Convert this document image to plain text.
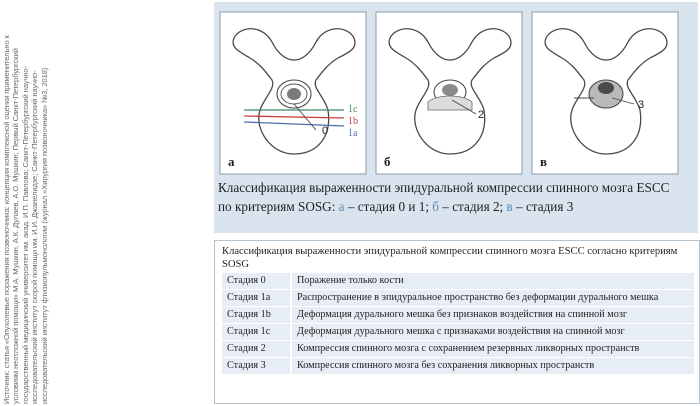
Источник: статья «Опухолевые поражения позвоночника: концепция комплексной оценки применительно к условиям неотложной помощи» М.А. Мушкин, А.К. Дулаев, А.О. Мушкин; Первый Санкт-Петербургский государственный медицинский университет им. акад. И.П. Павлова; Санкт-Петербургский научно-исследовательский институт скорой помощи им. И.И. Джанелидзе; Санкт-Петербургский научно-исследовательский институт фтизиопульмонологии (журнал «Хирургия позвоночника» №3, 2018)	0
1c
1b
1a
а
2
б
3
в
Классификация выраженности эпидуральной компрессии спинного мозга ESCC
по критериям SOSG: а – стадия 0 и 1; б – стадия 2; в – стадия 3
Классификация выраженности эпидуральной компрессии спинного мозга ESCC согласно критериям SOSG
Стадия 0	Поражение только кости
Стадия 1a	Распространение в эпидуральное пространство без деформации дурального мешка
Стадия 1b	Деформация дурального мешка без признаков воздействия на спинной мозг
Стадия 1c	Деформация дурального мешка с признаками воздействия на спинной мозг
Стадия 2	Компрессия спинного мозга с сохранением резервных ликворных пространств
Стадия 3	Компрессия спинного мозга без сохранения ликворных пространств
